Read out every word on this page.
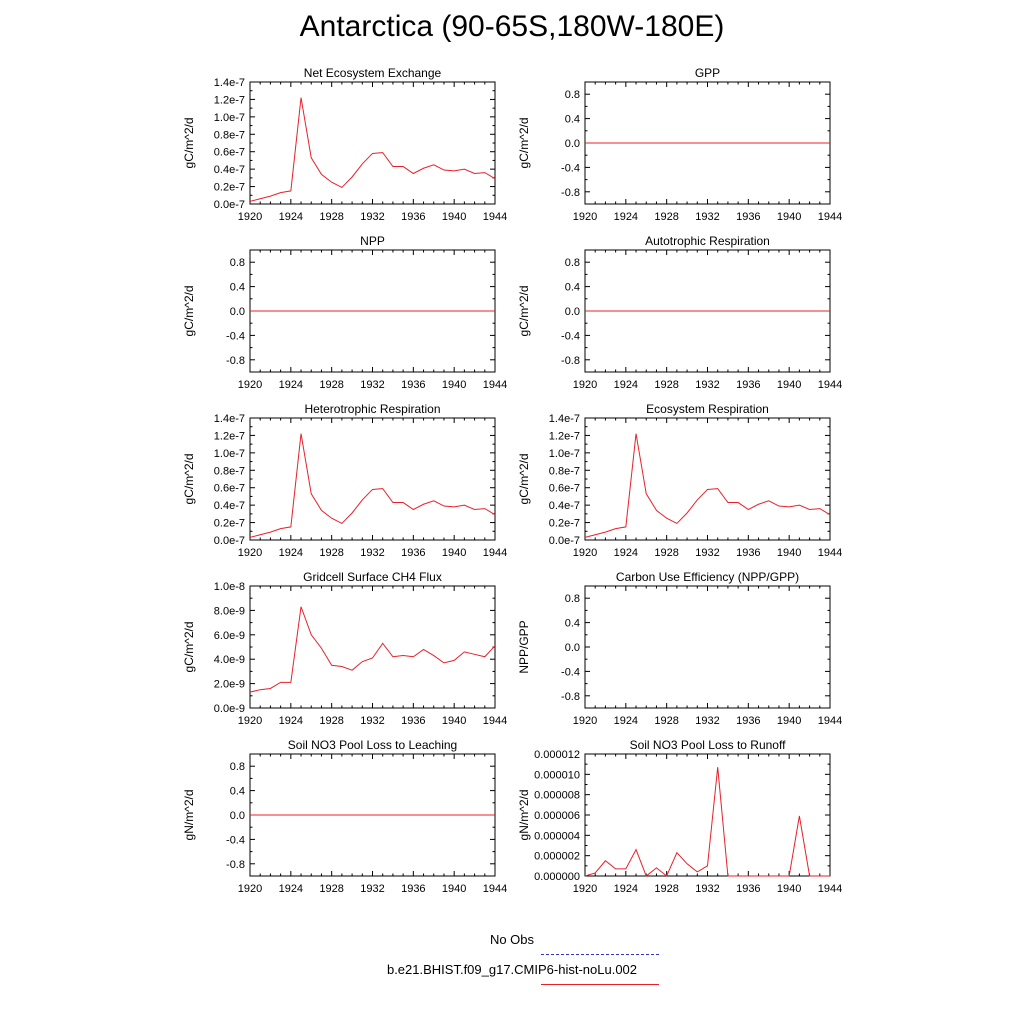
Antarctica (90-65S,180W-180E)
Net Ecosystem Exchange
gC/m^2/d
1920 1924 1928 1932 1936 1940 1944
0.0e-7
0.2e-7
0.4e-7
0.6e-7
0.8e-7
1.0e-7
1.2e-7
1.4e-7
GPP
gC/m^2/d
1920 1924 1928 1932 1936 1940 1944
-0.8
-0.4
0.0
0.4
0.8
NPP
gC/m^2/d
1920 1924 1928 1932 1936 1940 1944
-0.8
-0.4
0.0
0.4
0.8
Autotrophic Respiration
gC/m^2/d
1920 1924 1928 1932 1936 1940 1944
-0.8
-0.4
0.0
0.4
0.8
Heterotrophic Respiration
gC/m^2/d
1920 1924 1928 1932 1936 1940 1944
0.0e-7
0.2e-7
0.4e-7
0.6e-7
0.8e-7
1.0e-7
1.2e-7
1.4e-7
Ecosystem Respiration
gC/m^2/d
1920 1924 1928 1932 1936 1940 1944
0.0e-7
0.2e-7
0.4e-7
0.6e-7
0.8e-7
1.0e-7
1.2e-7
1.4e-7
Gridcell Surface CH4 Flux
gC/m^2/d
1920 1924 1928 1932 1936 1940 1944
0.0e-9
2.0e-9
4.0e-9
6.0e-9
8.0e-9
1.0e-8
Carbon Use Efficiency (NPP/GPP)
NPP/GPP
1920 1924 1928 1932 1936 1940 1944
-0.8
-0.4
0.0
0.4
0.8
Soil NO3 Pool Loss to Leaching
gN/m^2/d
1920 1924 1928 1932 1936 1940 1944
-0.8
-0.4
0.0
0.4
0.8
Soil NO3 Pool Loss to Runoff
gN/m^2/d
1920 1924 1928 1932 1936 1940 1944
0.000000
0.000002
0.000004
0.000006
0.000008
0.000010
0.000012
No Obs
b.e21.BHIST.f09_g17.CMIP6-hist-noLu.002
